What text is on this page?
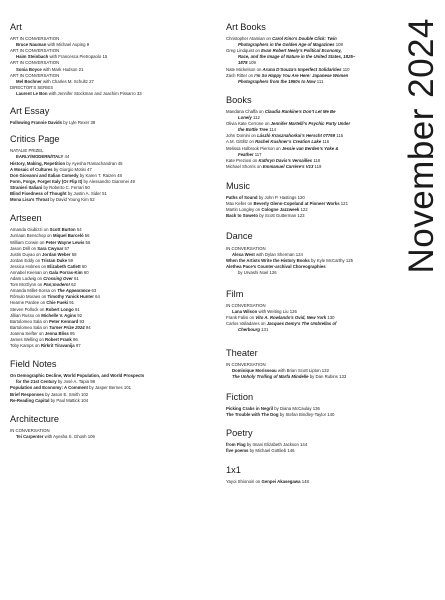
Art
ART IN CONVERSATION
Bruce Nauman with Michael Auping 9
ART IN CONVERSATION
Haim Steinbach with Francesca Pietropaolo 15
ART IN CONVERSATION
Sonia Boyce with Mark Hudson 21
ART IN CONVERSATION
Mel Bochner with Charles M. Schultz 27
DIRECTOR’S SERIES
Laurent Le Bon with Jennifer Stockman and Joachim Pissarro 33
Art Essay
Following Frannie Davids by Lyle Rexer 38
Critics Page
NATALIE PRIZEL
EARLY/MODERN/ITALY 44
History, Making, Repetition by Ayesha Ramachandran 45
A Mosaic of Cultures by Giorgio Motisi 47
Don Giovanni and Italian Comedy by Karen T. Raizen 48
Form, Forge, Forget Italy (Or Flip It) by Alessandro Giammei 49
Stranieri Italiani by Roberto C. Ferrari 50
Blind Fixedness of Thought by Justin A. Sider 51
Mona Lisa’s Throat by David Young Kim 52
Artseen
Amanda Giubizzi on Scott Burton 54
Jurriaan Benschop on Miquel Barceló 56
William Corwin on Peter Wayne Lewis 56
Jason Drill on Sara Cwynar 57
Justin Duyao on Jordan Weber 58
Jordan Eddy on Tristan Duke 59
Jessica Holmes on Elizabeth Catlett 60
Annabel Keenan on Gala Porras-Kim 60
Adam Ludwig on Crossing Over 61
Tom McGlynn on Pan;modern! 62
Amanda Millet-Sorsa on The Appearance 63
Rômulo Moraes on Timothy Yanick Hunter 64
Hearne Pardee on Chie Fueki 91
Steven Pollock on Robert Longo 91
Jillian Russo on Michelle V. Agins 92
Bartolomeo Sala on Peter Kennard 93
Bartolomeo Sala on Turner Prize 2024 94
Joanna Seifter on Jenna Bliss 95
James Welling on Robert Frank 96
Toby Kamps on Rirkrit Tiravanija 97
Field Notes
On Demographic Decline, World Population, and World Prospects
for the 21st Century by José A. Tapia 98
Population and Economy: A Comment by Jasper Bernes 101
Brief Responses by Jason E. Smith 102
Re-Reading Capital by Paul Mattick 104
Architecture
IN CONVERSATION
Tei Carpenter with Ayesha S. Ghosh 106
Art Books
Christopher Atamian on Carol Kino’s Double Click: Twin
Photographers in the Golden Age of Magazines 108
Greg Lindquist on Evan Robert Neely’s Political Economy,
Race, and the Image of Nature in the United States, 1825–
1878 109
Nate Mickelson on Aruna D’Souza’s Imperfect Solidarities 110
Zach Ritter on I’m So Happy You Are Here: Japanese Women
Photographers from the 1950s to Now 111
Books
Mandana Chaffa on Claudia Rankine’s Don’t Let Me Be
Lonely 112
Olivia Kate Cerrone on Jennifer Martelli’s Psychic Party Under
the Bottle Tree 114
John Domini on László Krasznahorkai’s Herscht 07769 115
A.M. Gittlitz on Rachel Kushner’s Creation Lake 116
Melissa Holbrook Pierson on Jessie van Eerden’s Yoke &
Feather 117
Kate Preziosi on Kathryn Davis’s Versailles 118
Michael Shorris on Emmanuel Carrère’s V13 119
Music
Paths of Sound by John P. Hastings 120
Max Keller on Beverly Glenn-Copeland at Pioneer Works 121
Martin Longley on Cologne Jazzweek 122
Back to Soweto by Scott Gutterman 123
Dance
IN CONVERSATION
Alexa West with Dylan Sherman 124
When the Artists Write the History Books by Kyle McCarthy 125
Alethea Pace’s Counter-archival Choreographies
by Urvashi Noel 126
Film
IN CONVERSATION
Lana Wilson with Weiting Liu 126
Frank Falisi on Vito A. Rowlands’s Ovid, New York 130
Carlos Valladares on Jacques Demy’s The Umbrellas of
Cherbourg 131
Theater
IN CONVERSATION
Dominique Morisseau with Brian Scott Lipton 132
The Unholy Trolling of Marfa Mindelle by Dan Rubins 133
Fiction
Picking Crabs in Negril by Diana McCaulay 136
The Trouble with The Dog by Stefan Bindley-Taylor 140
Poetry
from Flag by Imani Elizabeth Jackson 144
five poems by Michael Gottlieb 146
1x1
Yayoi Shionoiri on Genpei Akasegawa 148
November 2024
